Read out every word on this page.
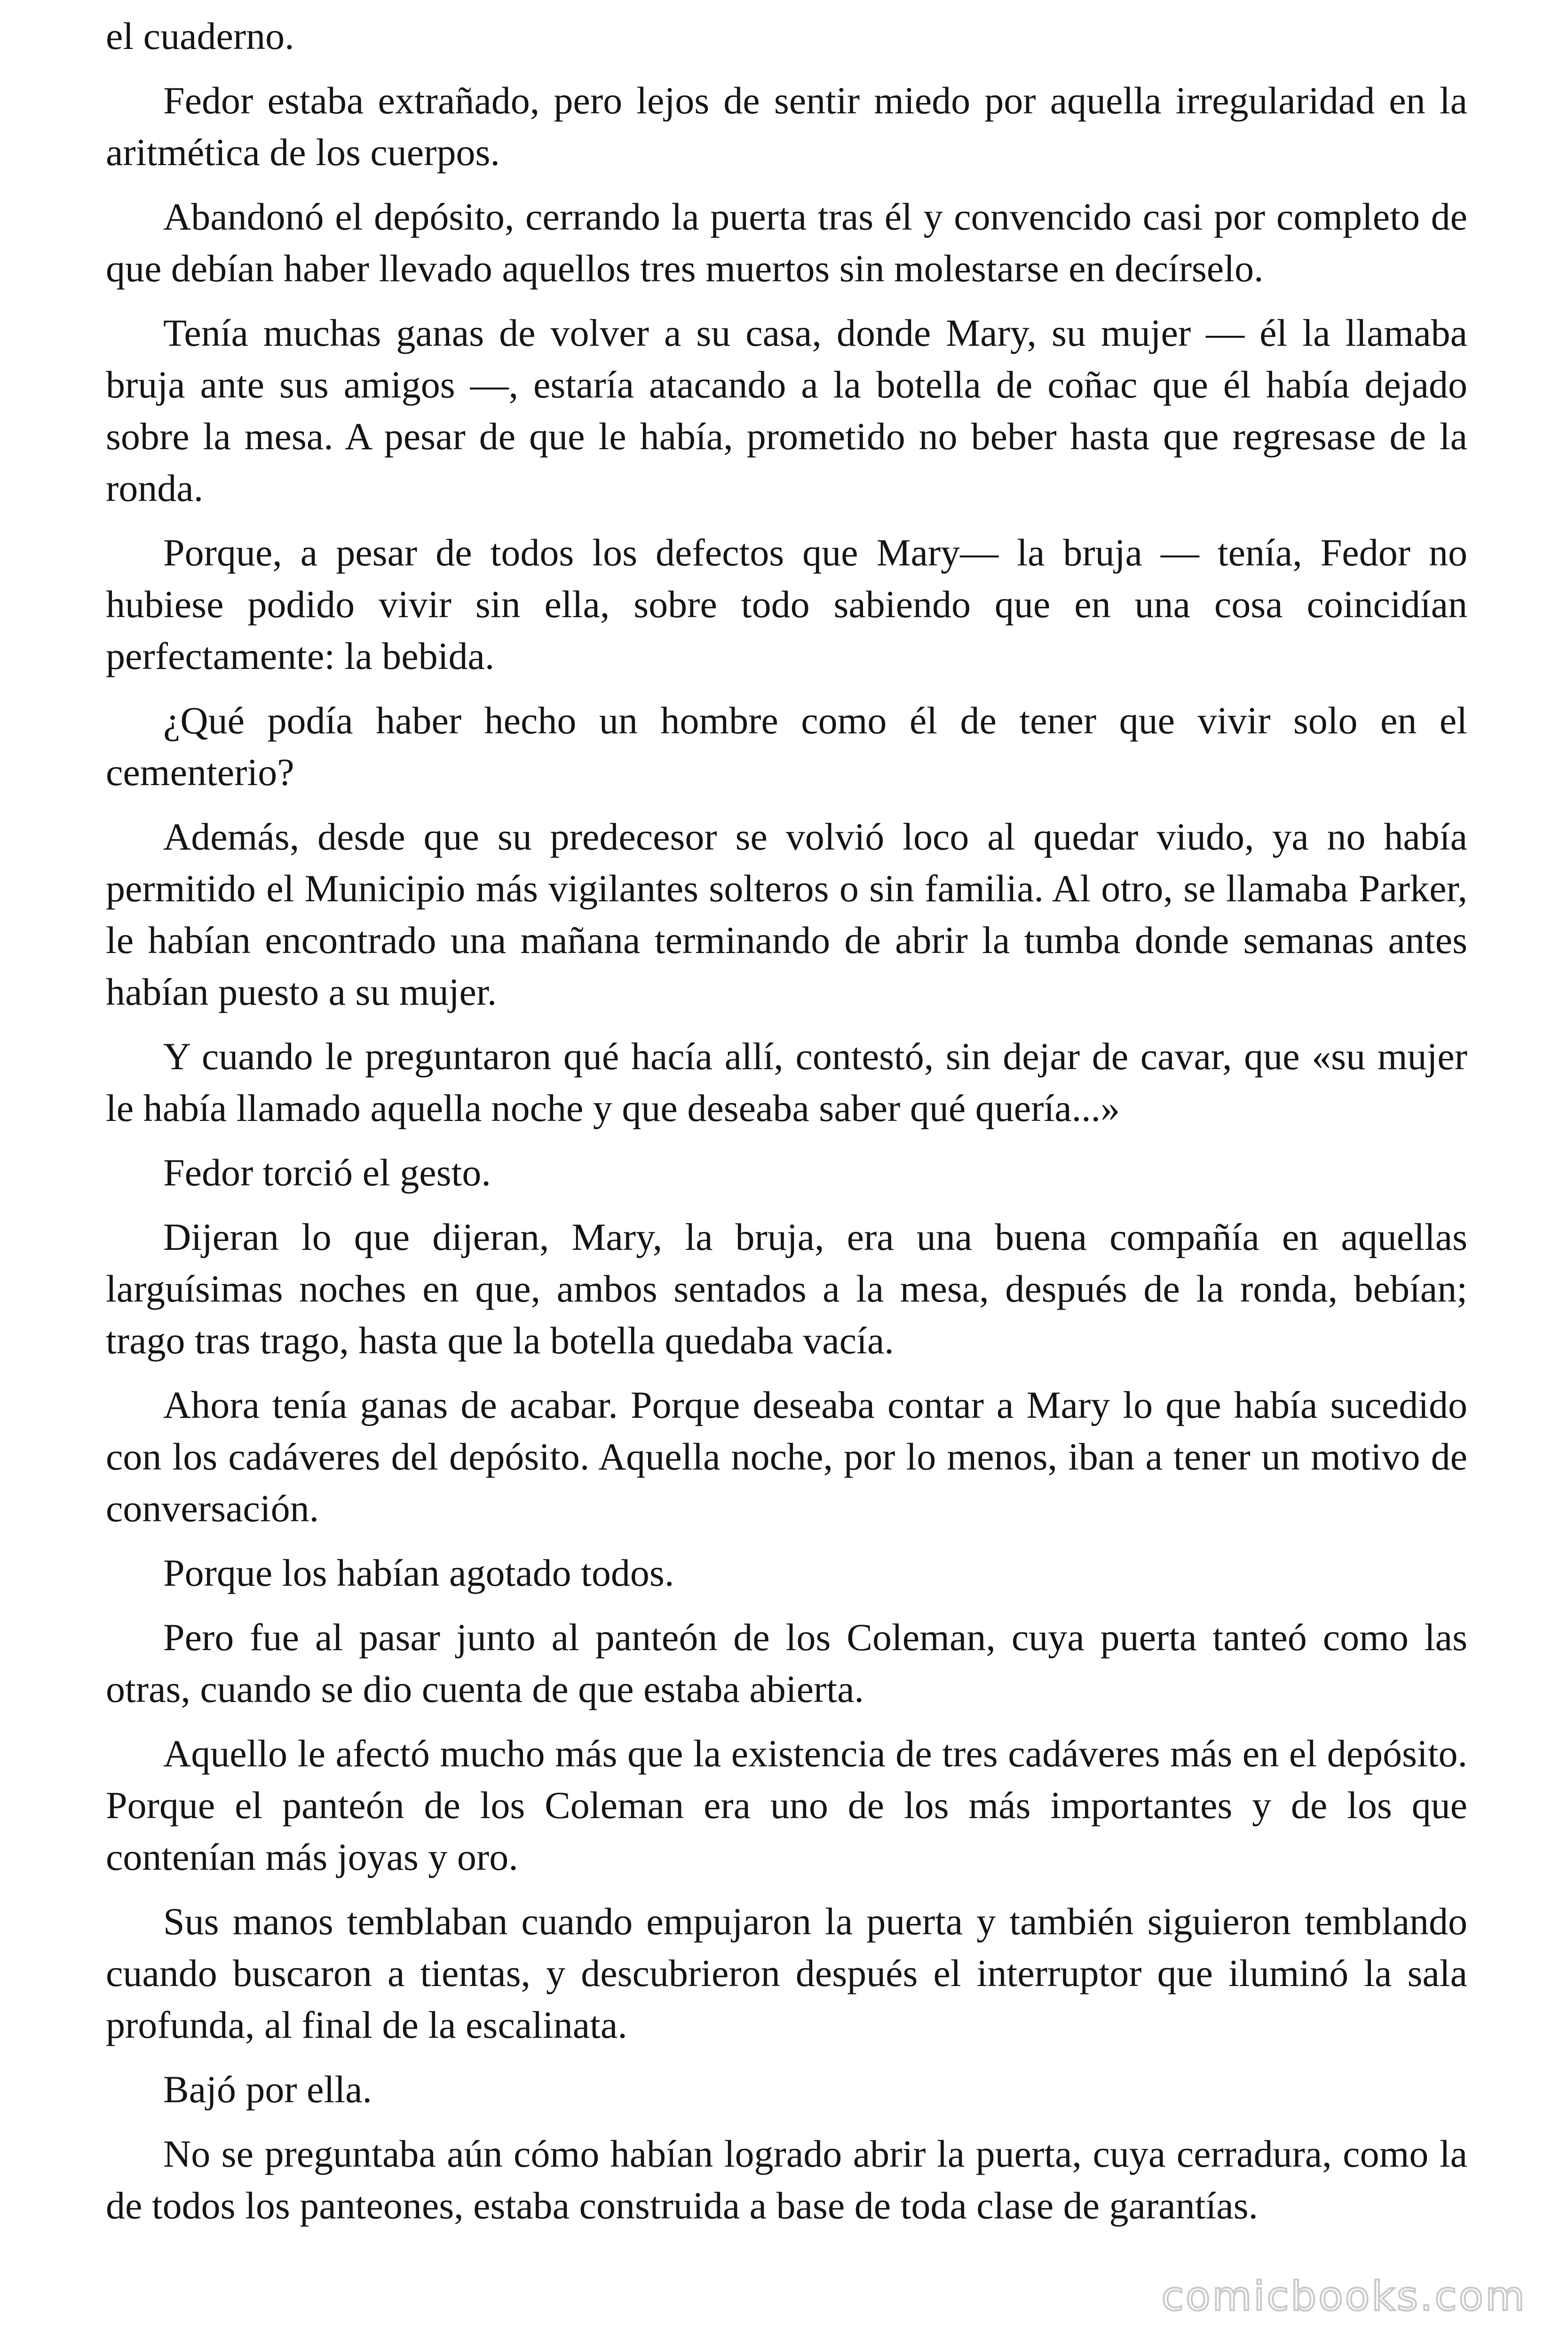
el cuaderno.

Fedor estaba extrañado, pero lejos de sentir miedo por aquella irregularidad en la aritmética de los cuerpos.

Abandonó el depósito, cerrando la puerta tras él y convencido casi por completo de que debían haber llevado aquellos tres muertos sin molestarse en decírselo.

Tenía muchas ganas de volver a su casa, donde Mary, su mujer — él la llamaba bruja ante sus amigos —, estaría atacando a la botella de coñac que él había dejado sobre la mesa. A pesar de que le había, prometido no beber hasta que regresase de la ronda.

Porque, a pesar de todos los defectos que Mary— la bruja — tenía, Fedor no hubiese podido vivir sin ella, sobre todo sabiendo que en una cosa coincidían perfectamente: la bebida.

¿Qué podía haber hecho un hombre como él de tener que vivir solo en el cementerio?

Además, desde que su predecesor se volvió loco al quedar viudo, ya no había permitido el Municipio más vigilantes solteros o sin familia. Al otro, se llamaba Parker, le habían encontrado una mañana terminando de abrir la tumba donde semanas antes habían puesto a su mujer.

Y cuando le preguntaron qué hacía allí, contestó, sin dejar de cavar, que «su mujer le había llamado aquella noche y que deseaba saber qué quería...»

Fedor torció el gesto.

Dijeran lo que dijeran, Mary, la bruja, era una buena compañía en aquellas larguísimas noches en que, ambos sentados a la mesa, después de la ronda, bebían; trago tras trago, hasta que la botella quedaba vacía.

Ahora tenía ganas de acabar. Porque deseaba contar a Mary lo que había sucedido con los cadáveres del depósito. Aquella noche, por lo menos, iban a tener un motivo de conversación.

Porque los habían agotado todos.

Pero fue al pasar junto al panteón de los Coleman, cuya puerta tanteó como las otras, cuando se dio cuenta de que estaba abierta.

Aquello le afectó mucho más que la existencia de tres cadáveres más en el depósito. Porque el panteón de los Coleman era uno de los más importantes y de los que contenían más joyas y oro.

Sus manos temblaban cuando empujaron la puerta y también siguieron temblando cuando buscaron a tientas, y descubrieron después el interruptor que iluminó la sala profunda, al final de la escalinata.

Bajó por ella.

No se preguntaba aún cómo habían logrado abrir la puerta, cuya cerradura, como la de todos los panteones, estaba construida a base de toda clase de garantías.

comicbooks.com
